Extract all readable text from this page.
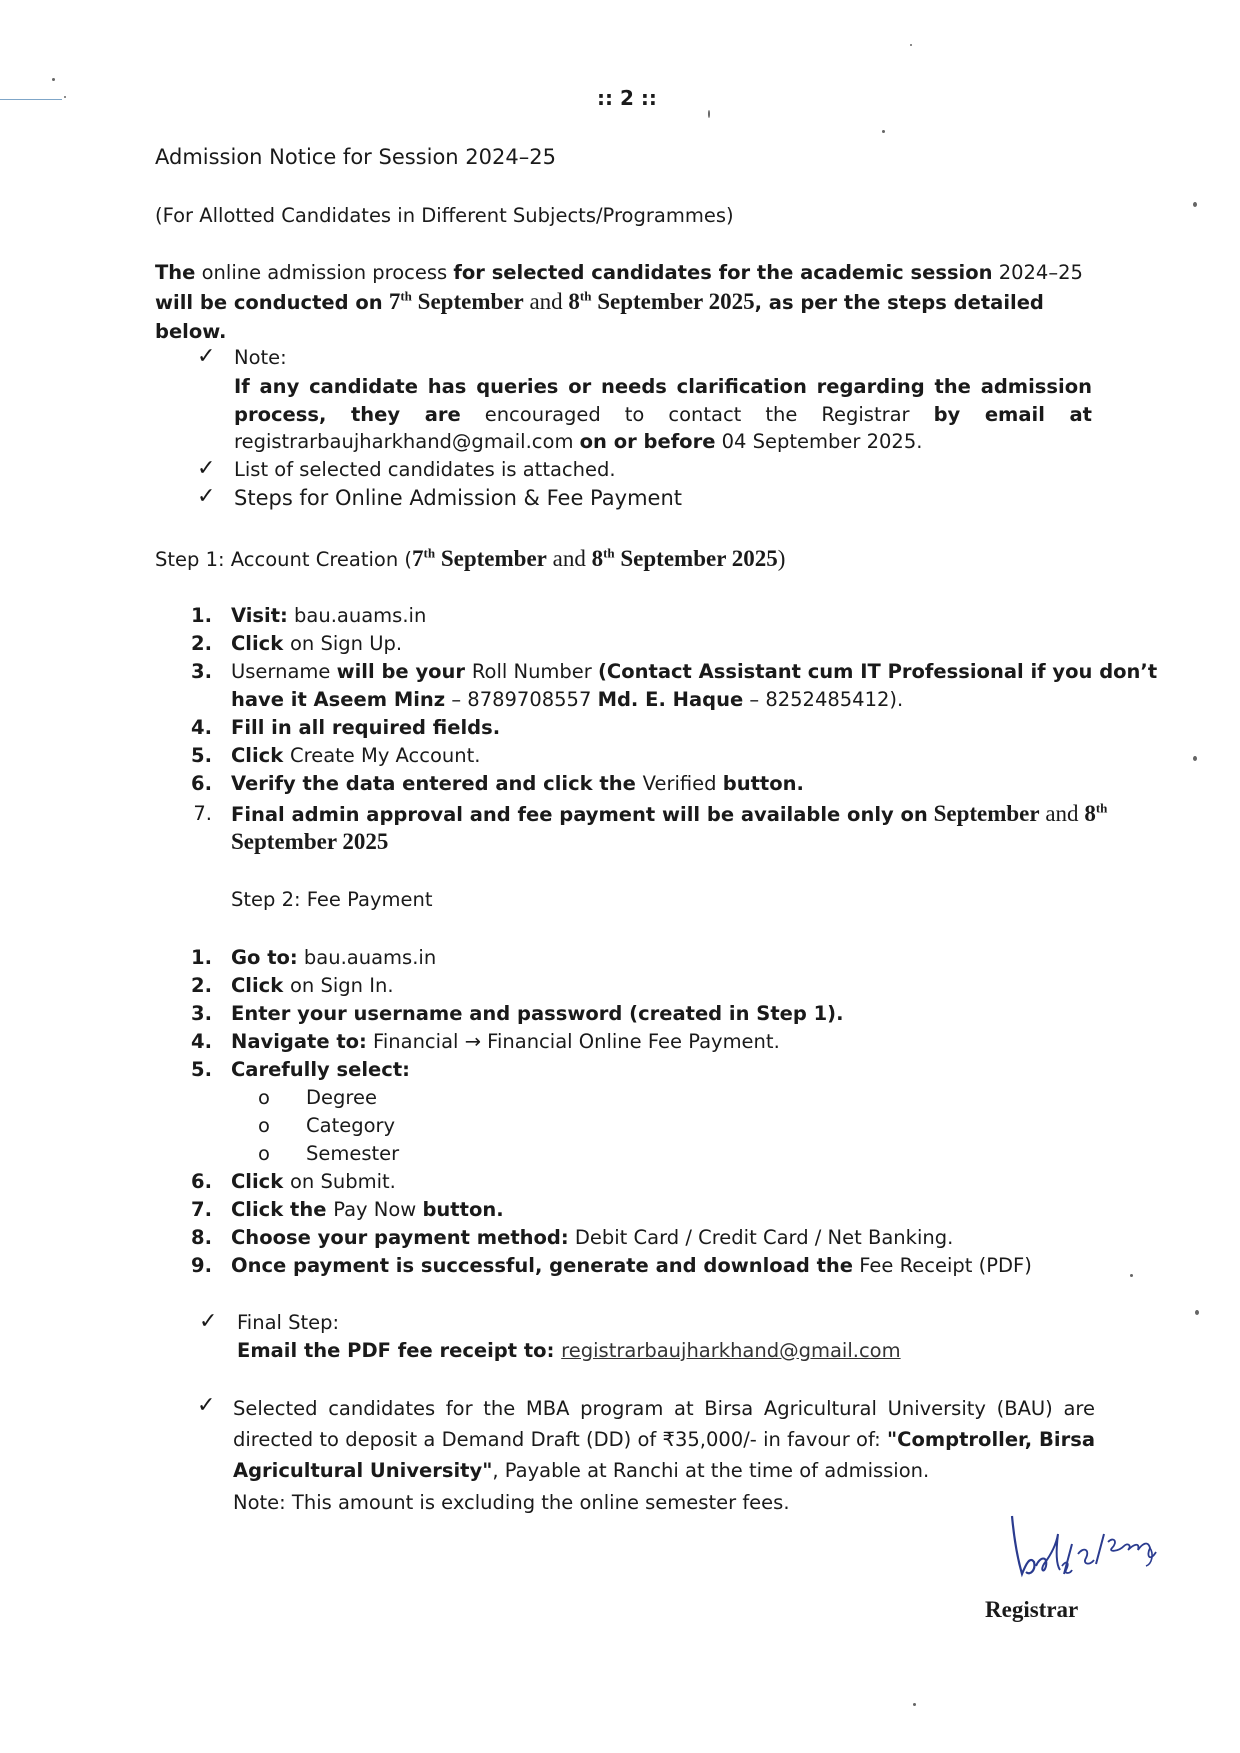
:: 2 ::
Admission Notice for Session 2024–25
(For Allotted Candidates in Different Subjects/Programmes)
The online admission process for selected candidates for the academic session 2024–25 will be conducted on 7th September and 8th September 2025, as per the steps detailed below.
✓ Note:
If any candidate has queries or needs clarification regarding the admission process, they are encouraged to contact the Registrar by email at registrarbaujharkhand@gmail.com on or before 04 September 2025.
✓ List of selected candidates is attached.
✓ Steps for Online Admission & Fee Payment
Step 1: Account Creation (7th September and 8th September 2025)
1. Visit: bau.auams.in
2. Click on Sign Up.
3. Username will be your Roll Number (Contact Assistant cum IT Professional if you don’t
have it Aseem Minz – 8789708557 Md. E. Haque – 8252485412).
4. Fill in all required fields.
5. Click Create My Account.
6. Verify the data entered and click the Verified button.
7. Final admin approval and fee payment will be available only on September and 8th
September 2025
Step 2: Fee Payment
1. Go to: bau.auams.in
2. Click on Sign In.
3. Enter your username and password (created in Step 1).
4. Navigate to: Financial → Financial Online Fee Payment.
5. Carefully select:
o Degree
o Category
o Semester
6. Click on Submit.
7. Click the Pay Now button.
8. Choose your payment method: Debit Card / Credit Card / Net Banking.
9. Once payment is successful, generate and download the Fee Receipt (PDF)
✓ Final Step:
Email the PDF fee receipt to: registrarbaujharkhand@gmail.com
✓ Selected candidates for the MBA program at Birsa Agricultural University (BAU) are directed to deposit a Demand Draft (DD) of ₹35,000/- in favour of: "Comptroller, Birsa Agricultural University", Payable at Ranchi at the time of admission.
Note: This amount is excluding the online semester fees.
Registrar
